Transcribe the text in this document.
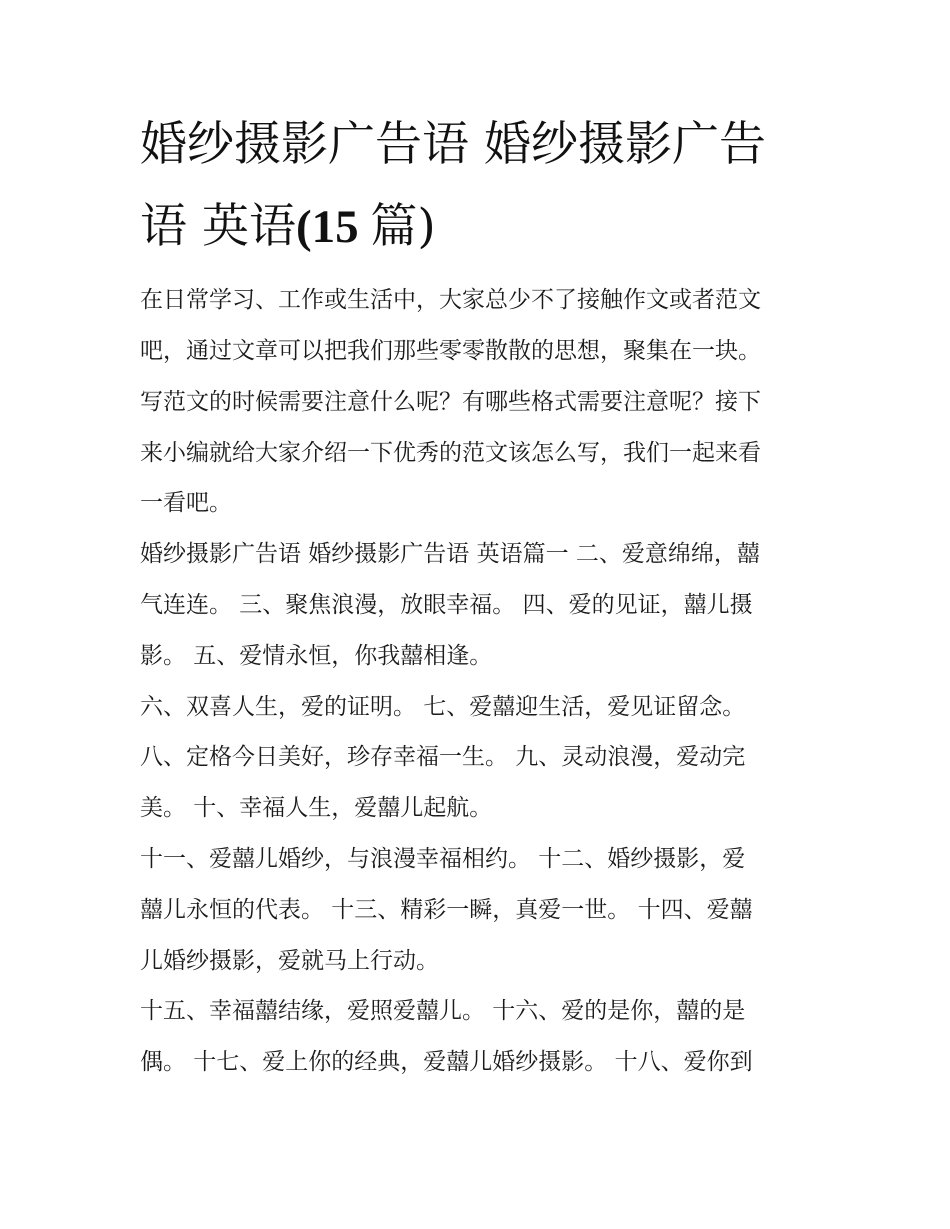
婚纱摄影广告语 婚纱摄影广告
语 英语(15 篇)
在日常学习、工作或生活中，大家总少不了接触作文或者范文
吧，通过文章可以把我们那些零零散散的思想，聚集在一块。
写范文的时候需要注意什么呢？有哪些格式需要注意呢？接下
来小编就给大家介绍一下优秀的范文该怎么写，我们一起来看
一看吧。
婚纱摄影广告语 婚纱摄影广告语 英语篇一 二、爱意绵绵，囍
气连连。 三、聚焦浪漫，放眼幸福。 四、爱的见证，囍儿摄
影。 五、爱情永恒，你我囍相逢。
六、双喜人生，爱的证明。 七、爱囍迎生活，爱见证留念。
八、定格今日美好，珍存幸福一生。 九、灵动浪漫，爱动完
美。 十、幸福人生，爱囍儿起航。
十一、爱囍儿婚纱，与浪漫幸福相约。 十二、婚纱摄影，爱
囍儿永恒的代表。 十三、精彩一瞬，真爱一世。 十四、爱囍
儿婚纱摄影，爱就马上行动。
十五、幸福囍结缘，爱照爱囍儿。 十六、爱的是你，囍的是
偶。 十七、爱上你的经典，爱囍儿婚纱摄影。 十八、爱你到
